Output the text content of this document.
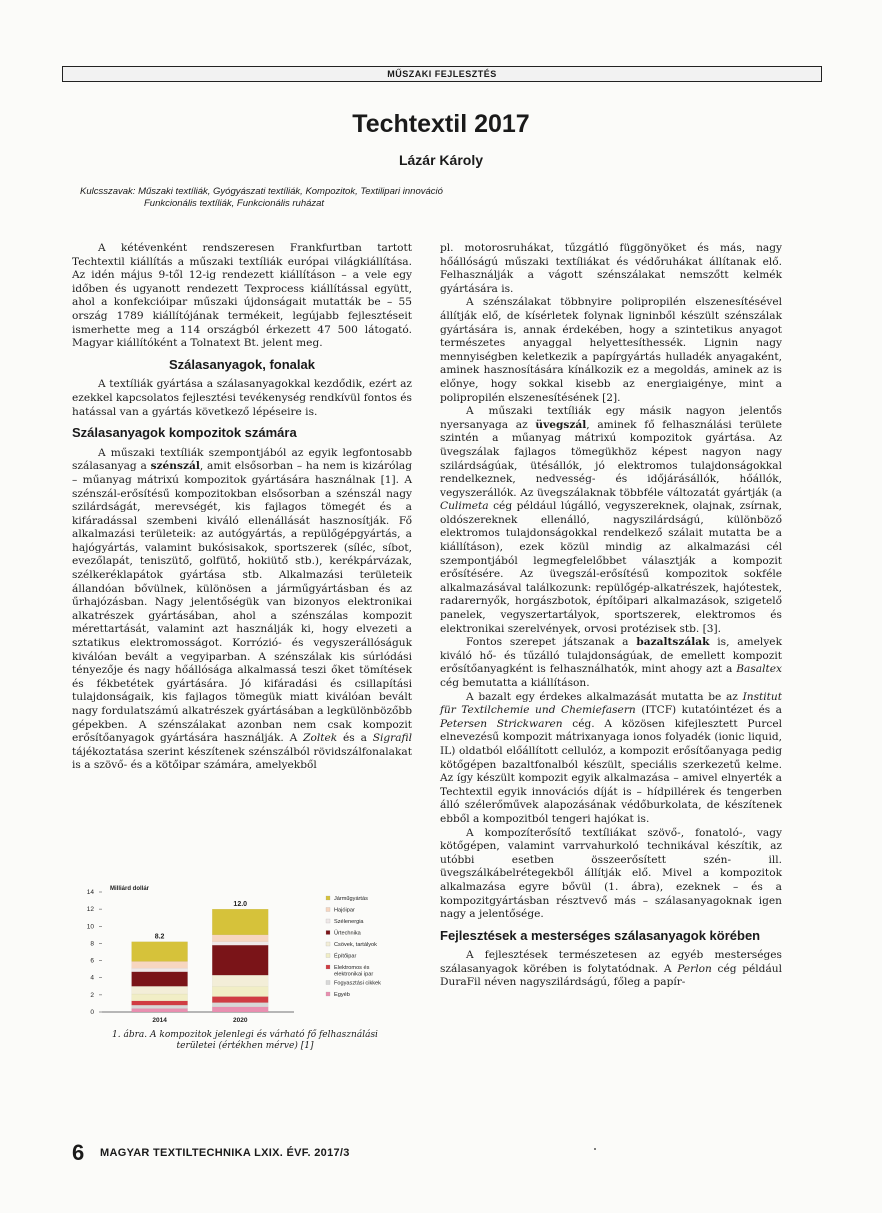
MŰSZAKI FEJLESZTÉS
Techtextil 2017
Lázár Károly
Kulcsszavak: Műszaki textíliák, Gyógyászati textíliák, Kompozitok, Textilipari innováció
Funkcionális textíliák, Funkcionális ruházat

A kétévenként rendszeresen Frankfurtban tartott Techtextil kiállítás a műszaki textíliák európai világkiállítása. Az idén május 9-től 12-ig rendezett kiállításon – a vele egy időben és ugyanott rendezett Texprocess kiállítással együtt, ahol a konfekcióipar műszaki újdonságait mutatták be – 55 ország 1789 kiállítójának termékeit, legújabb fejlesztéseit ismerhette meg a 114 országból érkezett 47 500 látogató. Magyar kiállítóként a Tolnatext Bt. jelent meg.

Szálasanyagok, fonalak

A textíliák gyártása a szálasanyagokkal kezdődik, ezért az ezekkel kapcsolatos fejlesztési tevékenység rendkívül fontos és hatással van a gyártás következő lépéseire is.

Szálasanyagok kompozitok számára

A műszaki textíliák szempontjából az egyik legfontosabb szálasanyag a szénszál, amit elsősorban – ha nem is kizárólag – műanyag mátrixú kompozitok gyártására használnak [1]. A szénszál-erősítésű kompozitokban elsősorban a szénszál nagy szilárdságát, merevségét, kis fajlagos tömegét és a kifáradással szembeni kiváló ellenállását hasznosítják. Fő alkalmazási területeik: az autógyártás, a repülőgépgyártás, a hajógyártás, valamint bukósisakok, sportszerek (síléc, síbot, evezőlapát, teniszütő, golfütő, hokiütő stb.), kerékpárvázak, szélkeréklapátok gyártása stb. Alkalmazási területeik állandóan bővülnek, különösen a járműgyártásban és az űrhajózásban. Nagy jelentőségük van bizonyos elektronikai alkatrészek gyártásában, ahol a szénszálas kompozit mérettartását, valamint azt használják ki, hogy elvezeti a sztatikus elektromosságot. Korrózió- és vegyszerállóságuk kiválóan bevált a vegyiparban. A szénszálak kis súrlódási tényezője és nagy hőállósága alkalmassá teszi őket tömítések és fékbetétek gyártására. Jó kifáradási és csillapítási tulajdonságaik, kis fajlagos tömegük miatt kiválóan bevált nagy fordulatszámú alkatrészek gyártásában a legkülönbözőbb gépekben. A szénszálakat azonban nem csak kompozit erősítőanyagok gyártására használják. A Zoltek és a Sigrafil tájékoztatása szerint készítenek szénszálból rövidszálfonalakat is a szövő- és a kötőipar számára, amelyekből

Milliárd dollár
0
2
4
6
8
10
12
14
8.2
2014
12.0
2020
Járműgyártás
Hajóipar
Szélenergia
Űrtechnika
Csövek, tartályok
Építőipar
Elektromos és elektronikai ipar
Fogyasztási cikkek
Egyéb
1. ábra. A kompozitok jelenlegi és várható fő felhasználási
területei (értékhen mérve) [1]

pl. motorosruhákat, tűzgátló függönyöket és más, nagy hőállóságú műszaki textíliákat és védőruhákat állítanak elő. Felhasználják a vágott szénszálakat nemszőtt kelmék gyártására is.

A szénszálakat többnyire polipropilén elszenesítésével állítják elő, de kísérletek folynak ligninből készült szénszálak gyártására is, annak érdekében, hogy a szintetikus anyagot természetes anyaggal helyettesíthessék. Lignin nagy mennyiségben keletkezik a papírgyártás hulladék anyagaként, aminek hasznosítására kínálkozik ez a megoldás, aminek az is előnye, hogy sokkal kisebb az energiaigénye, mint a polipropilén elszenesítésének [2].

A műszaki textíliák egy másik nagyon jelentős nyersanyaga az üvegszál, aminek fő felhasználási területe szintén a műanyag mátrixú kompozitok gyártása. Az üvegszálak fajlagos tömegükhöz képest nagyon nagy szilárdságúak, ütésállók, jó elektromos tulajdonságokkal rendelkeznek, nedvesség- és időjárásállók, hőállók, vegyszerállók. Az üvegszálaknak többféle változatát gyártják (a Culimeta cég például lúgálló, vegyszereknek, olajnak, zsírnak, oldószereknek ellenálló, nagyszilárdságú, különböző elektromos tulajdonságokkal rendelkező szálait mutatta be a kiállításon), ezek közül mindig az alkalmazási cél szempontjából legmegfelelőbbet választják a kompozit erősítésére. Az üvegszál-erősítésű kompozitok sokféle alkalmazásával találkozunk: repülőgép-alkatrészek, hajótestek, radarernyők, horgászbotok, építőipari alkalmazások, szigetelő panelek, vegyszertartályok, sportszerek, elektromos és elektronikai szerelvények, orvosi protézisek stb. [3].

Fontos szerepet játszanak a bazaltszálak is, amelyek kiváló hő- és tűzálló tulajdonságúak, de emellett kompozit erősítőanyagként is felhasználhatók, mint ahogy azt a Basaltex cég bemutatta a kiállításon.

A bazalt egy érdekes alkalmazását mutatta be az Institut für Textilchemie und Chemiefasern (ITCF) kutatóintézet és a Petersen Strickwaren cég. A közösen kifejlesztett Purcel elnevezésű kompozit mátrixanyaga ionos folyadék (ionic liquid, IL) oldatból előállított cellulóz, a kompozit erősítőanyaga pedig kötőgépen bazaltfonalból készült, speciális szerkezetű kelme. Az így készült kompozit egyik alkalmazása – amivel elnyerték a Techtextil egyik innovációs díját is – hídpillérek és tengerben álló szélerőművek alapozásának védőburkolata, de készítenek ebből a kompozitból tengeri hajókat is.

A kompozíterősítő textíliákat szövő-, fonatoló-, vagy kötőgépen, valamint varrvahurkoló technikával készítik, az utóbbi esetben összeerősített szén- ill. üvegszálkábelrétegekből állítják elő. Mivel a kompozitok alkalmazása egyre bővül (1. ábra), ezeknek – és a kompozitgyártásban résztvevő más – szálasanyagoknak igen nagy a jelentősége.

Fejlesztések a mesterséges szálasanyagok körében

A fejlesztések természetesen az egyéb mesterséges szálasanyagok körében is folytatódnak. A Perlon cég például DuraFil néven nagyszilárdságú, főleg a papír-

6 MAGYAR TEXTILTECHNIKA LXIX. ÉVF. 2017/3
